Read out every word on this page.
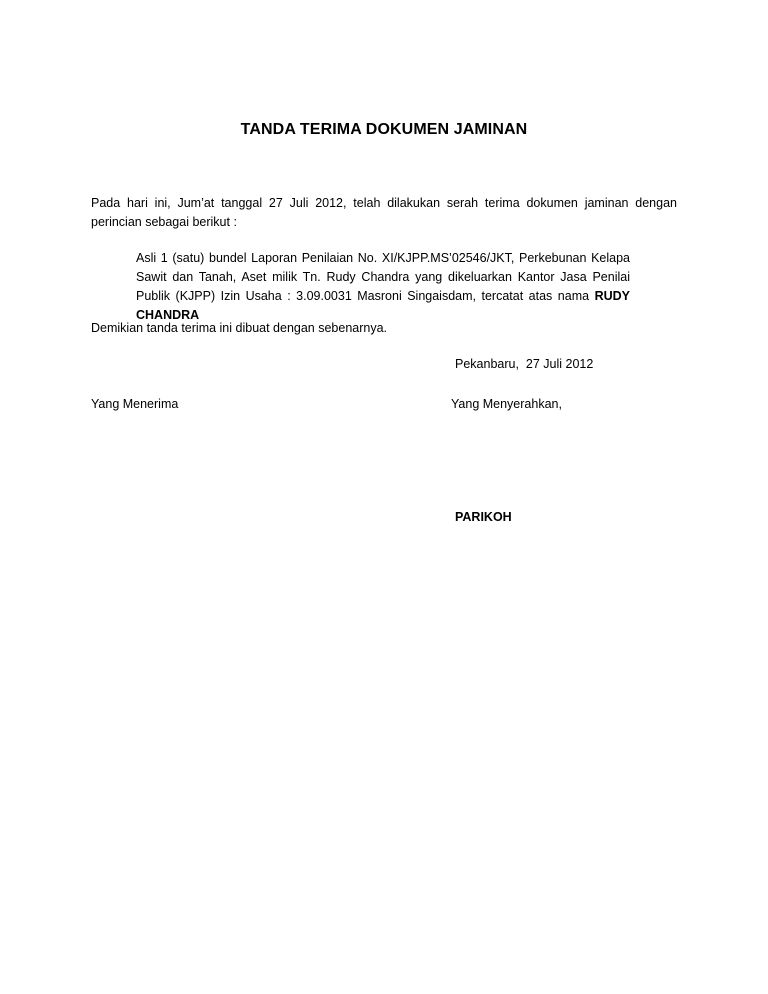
TANDA TERIMA DOKUMEN JAMINAN
Pada hari ini, Jum’at tanggal 27 Juli 2012, telah dilakukan serah terima dokumen jaminan dengan perincian sebagai berikut :
Asli 1 (satu) bundel Laporan Penilaian No. XI/KJPP.MS’02546/JKT, Perkebunan Kelapa Sawit dan Tanah, Aset milik Tn. Rudy Chandra yang dikeluarkan Kantor Jasa Penilai Publik (KJPP) Izin Usaha : 3.09.0031 Masroni Singaisdam, tercatat atas nama RUDY CHANDRA
Demikian tanda terima ini dibuat dengan sebenarnya.
Pekanbaru,  27 Juli 2012
Yang Menerima	Yang Menyerahkan,
PARIKOH
